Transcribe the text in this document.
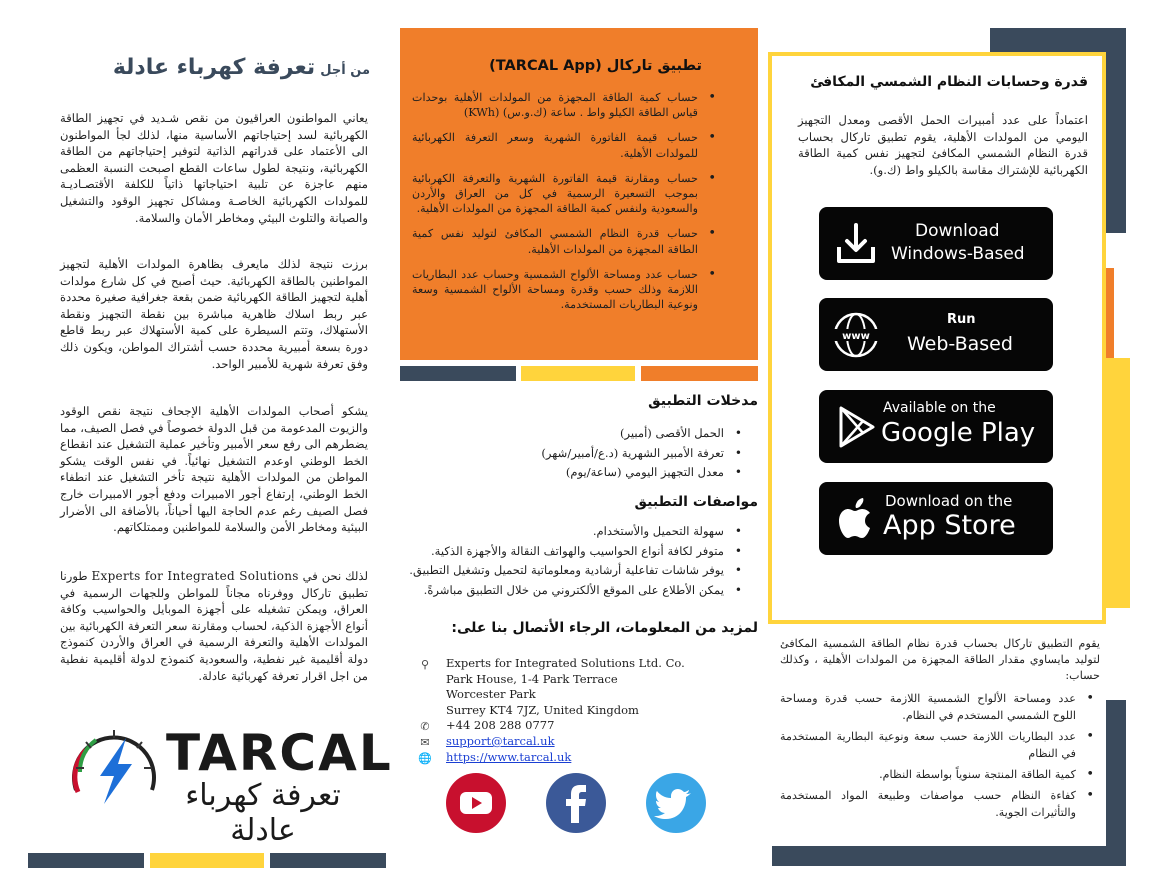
من أجل تعرفة كهرباء عادلة

يعاني المواطنون العراقيون من نقص شـديد في تجهيز الطاقة الكهربائية لسد إحتياجاتهم الأساسية منها، لذلك لجأ المواطنون الى الأعتماد على قدراتهم الذاتية لتوفير إحتياجاتهم من الطاقة الكهربائية، ونتيجة لطول ساعات القطع اصبحت النسبة العظمى منهم عاجزة عن تلبية احتياجاتها ذاتياً للكلفة الأقتصـاديـة للمولدات الكهربائية الخاصـة ومشاكل تجهيز الوقود والتشغيل والصيانة والتلوث البيئي ومخاطر الأمان والسلامة.

برزت نتيجة لذلك مايعرف بظاهرة المولدات الأهلية لتجهيز المواطنين بالطاقة الكهربائية. حيث أصبح في كل شارع مولدات أهلية لتجهيز الطاقة الكهربائية ضمن بقعة جغرافية صغيرة محددة عبر ربط اسلاك ظاهرية مباشرة بين نقطة التجهيز ونقطة الأستهلاك، وتتم السيطرة على كمية الأستهلاك عبر ربط قاطع دورة بسعة أمبيرية محددة حسب أشتراك المواطن، ويكون ذلك وفق تعرفة شهرية للأمبير الواحد.

يشكو أصحاب المولدات الأهلية الإجحاف نتيجة نقص الوقود والزيوت المدعومة من قبل الدولة خصوصاً في فصل الصيف، مما يضطرهم الى رفع سعر الأمبير وتأخير عملية التشغيل عند انقطاع الخط الوطني اوعدم التشغيل نهائياً. في نفس الوقت يشكو المواطن من المولدات الأهلية نتيجة تأخر التشغيل عند انطفاء الخط الوطني، إرتفاع أجور الامبيرات ودفع أجور الامبيرات خارج فصل الصيف رغم عدم الحاجة اليها أحياناً، بالأضافة الى الأضرار البيئية ومخاطر الأمن والسلامة للمواطنين وممتلكاتهم.

لذلك نحن في Experts for Integrated Solutions طورنا تطبيق تاركال ووفرناه مجاناً للمواطن وللجهات الرسمية في العراق، ويمكن تشغيله على أجهزة الموبايل والحواسيب وكافة أنواع الأجهزة الذكية، لحساب ومقارنة سعر التعرفة الكهربائية بين المولدات الأهلية والتعرفة الرسمية في العراق والأردن كنموذج دولة أقليمية غير نفطية، والسعودية كنموذج لدولة أقليمية نفطية من اجل اقرار تعرفة كهربائية عادلة.

TARCAL
تعرفة كهرباء عادلة
تطبيق تاركال (TARCAL App)
• حساب كمية الطاقة المجهزة من المولدات الأهلية بوحدات قياس الطاقة الكيلو واط . ساعة (ك.و.س) (KWh)
• حساب قيمة الفاتورة الشهرية وسعر التعرفة الكهربائية للمولدات الأهلية.
• حساب ومقارنة قيمة الفاتورة الشهرية والتعرفة الكهربائية بموجب التسعيرة الرسمية في كل من العراق والأردن والسعودية ولنفس كمية الطاقة المجهزة من المولدات الأهلية.
• حساب قدرة النظام الشمسي المكافئ لتوليد نفس كمية الطاقة المجهزة من المولدات الأهلية.
• حساب عدد ومساحة الألواح الشمسية وحساب عدد البطاريات اللازمة وذلك حسب وقدرة ومساحة الألواح الشمسية وسعة ونوعية البطاريات المستخدمة.
مدخلات التطبيق
• الحمل الأقصى (أمبير)
• تعرفة الأمبير الشهرية (د.ع/أمبير/شهر)
• معدل التجهيز اليومي (ساعة/يوم)
مواصفات التطبيق
• سهولة التحميل والأستخدام.
• متوفر لكافة أنواع الحواسيب والهواتف النقالة والأجهزة الذكية.
• يوفر شاشات تفاعلية أرشادية ومعلوماتية لتحميل وتشغيل التطبيق.
• يمكن الأطلاع على الموقع الألكتروني من خلال التطبيق مباشرةً.
لمزيد من المعلومات، الرجاء الأتصال بنا على:
⚲ Experts for Integrated Solutions Ltd. Co.
Park House, 1-4 Park Terrace
Worcester Park
Surrey KT4 7JZ, United Kingdom
✆ +44 208 288 0777
✉ support@tarcal.uk
🌐 https://www.tarcal.uk
قدرة وحسابات النظام الشمسي المكافئ

اعتماداً على عدد أمبيرات الحمل الأقصى ومعدل التجهيز اليومي من المولدات الأهلية، يقوم تطبيق تاركال بحساب قدرة النظام الشمسي المكافئ لتجهيز نفس كمية الطاقة الكهربائية للإشتراك مقاسة بالكيلو واط (ك.و).

Download
Windows-Based
www
Run
Web-Based
Available on the
Google Play
Download on the
App Store

يقوم التطبيق تاركال بحساب قدرة نظام الطاقة الشمسية المكافئ لتوليد مايساوي مقدار الطاقة المجهزة من المولدات الأهلية ، وكذلك حساب:

• عدد ومساحة الألواح الشمسية اللازمة حسب قدرة ومساحة اللوح الشمسي المستخدم في النظام.
• عدد البطاريات اللازمة حسب سعة ونوعية البطارية المستخدمة في النظام
• كمية الطاقة المنتجة سنوياً بواسطة النظام.
• كفاءة النظام حسب مواصفات وطبيعة المواد المستخدمة والتأثيرات الجوية.
